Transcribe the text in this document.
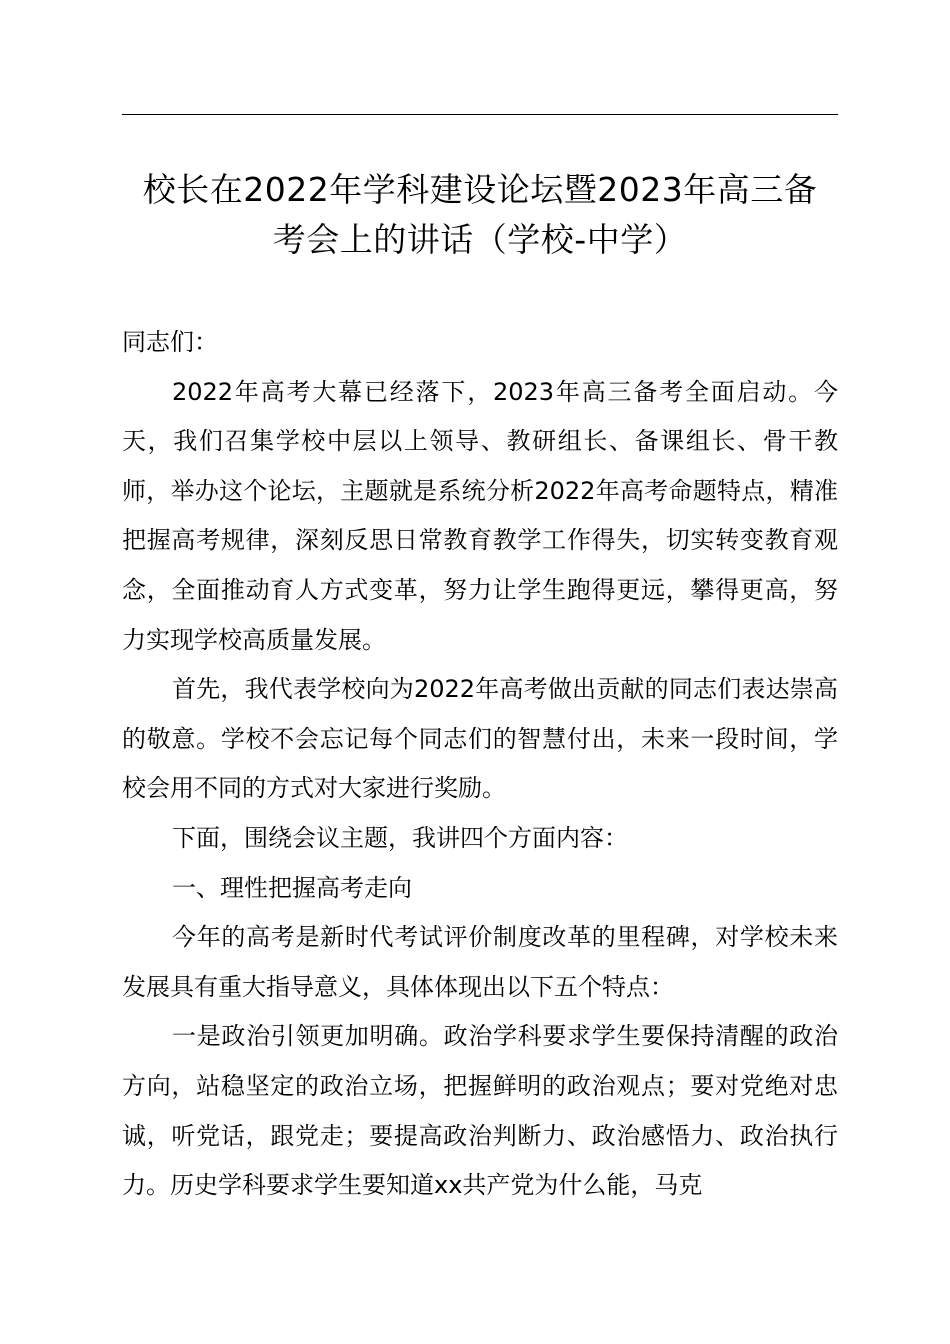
校长在2022年学科建设论坛暨2023年高三备
考会上的讲话（学校-中学）

同志们：

2022年高考大幕已经落下，2023年高三备考全面启动。今天，我们召集学校中层以上领导、教研组长、备课组长、骨干教师，举办这个论坛，主题就是系统分析2022年高考命题特点，精准把握高考规律，深刻反思日常教育教学工作得失，切实转变教育观念，全面推动育人方式变革，努力让学生跑得更远，攀得更高，努力实现学校高质量发展。

首先，我代表学校向为2022年高考做出贡献的同志们表达崇高的敬意。学校不会忘记每个同志们的智慧付出，未来一段时间，学校会用不同的方式对大家进行奖励。

下面，围绕会议主题，我讲四个方面内容：

一、理性把握高考走向

今年的高考是新时代考试评价制度改革的里程碑，对学校未来发展具有重大指导意义，具体体现出以下五个特点：

一是政治引领更加明确。政治学科要求学生要保持清醒的政治方向，站稳坚定的政治立场，把握鲜明的政治观点；要对党绝对忠诚，听党话，跟党走；要提高政治判断力、政治感悟力、政治执行力。历史学科要求学生要知道xx共产党为什么能，马克
